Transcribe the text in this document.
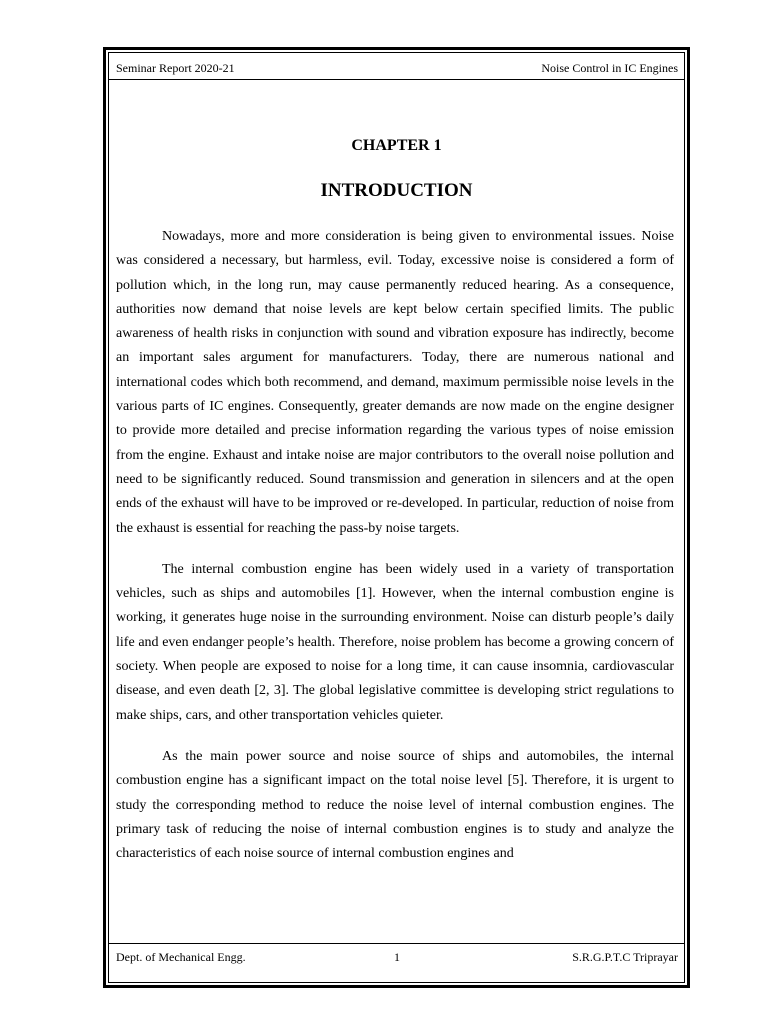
Seminar Report 2020-21	Noise Control in IC Engines
CHAPTER 1
INTRODUCTION

Nowadays, more and more consideration is being given to environmental issues. Noise was considered a necessary, but harmless, evil. Today, excessive noise is considered a form of pollution which, in the long run, may cause permanently reduced hearing. As a consequence, authorities now demand that noise levels are kept below certain specified limits. The public awareness of health risks in conjunction with sound and vibration exposure has indirectly, become an important sales argument for manufacturers. Today, there are numerous national and international codes which both recommend, and demand, maximum permissible noise levels in the various parts of IC engines. Consequently, greater demands are now made on the engine designer to provide more detailed and precise information regarding the various types of noise emission from the engine. Exhaust and intake noise are major contributors to the overall noise pollution and need to be significantly reduced. Sound transmission and generation in silencers and at the open ends of the exhaust will have to be improved or re-developed. In particular, reduction of noise from the exhaust is essential for reaching the pass-by noise targets.

The internal combustion engine has been widely used in a variety of transportation vehicles, such as ships and automobiles [1]. However, when the internal combustion engine is working, it generates huge noise in the surrounding environment. Noise can disturb people’s daily life and even endanger people’s health. Therefore, noise problem has become a growing concern of society. When people are exposed to noise for a long time, it can cause insomnia, cardiovascular disease, and even death [2, 3]. The global legislative committee is developing strict regulations to make ships, cars, and other transportation vehicles quieter.

As the main power source and noise source of ships and automobiles, the internal combustion engine has a significant impact on the total noise level [5]. Therefore, it is urgent to study the corresponding method to reduce the noise level of internal combustion engines. The primary task of reducing the noise of internal combustion engines is to study and analyze the characteristics of each noise source of internal combustion engines and

Dept. of Mechanical Engg.	1	S.R.G.P.T.C Triprayar
